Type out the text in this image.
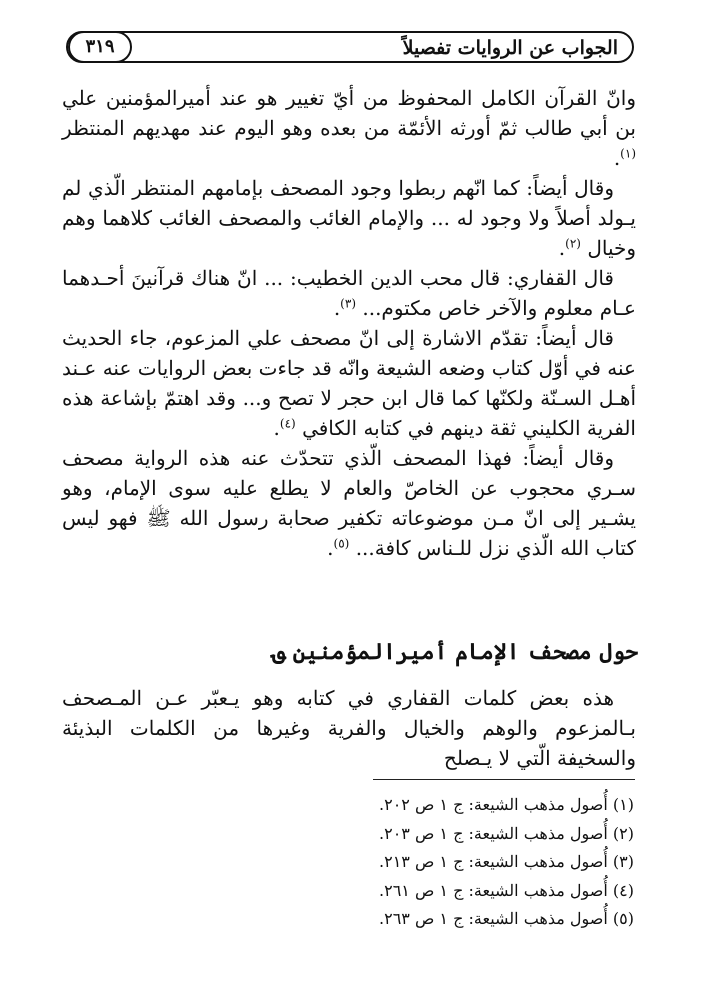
الجواب عن الروايات تفصيلاً
٣١٩

وانّ القرآن الكامل المحفوظ من أيّ تغيير هو عند أميرالمؤمنين علي بن أبي طالب ثمّ أورثه الأئمّة من بعده وهو اليوم عند مهديهم المنتظر $^{(١)}$.

وقال أيضاً: كما انّهم ربطوا وجود المصحف بإمامهم المنتظر الّذي لم يـولد أصلاً ولا وجود له ... والإمام الغائب والمصحف الغائب كلاهما وهم وخيال $^{(٢)}$.

قال القفاري: قال محب الدين الخطيب: ... انّ هناك قرآنينَ أحـدهما عـام معلوم والآخر خاص مكتوم... $^{(٣)}$.

قال أيضاً: تقدّم الاشارة إلى انّ مصحف علي المزعوم، جاء الحديث عنه في أوّل كتاب وضعه الشيعة وانّه قد جاءت بعض الروايات عنه عـند أهـل السـنّة ولكنّها كما قال ابن حجر لا تصح و... وقد اهتمّ بإشاعة هذه الفرية الكليني ثقة دينهم في كتابه الكافي $^{(٤)}$.

وقال أيضاً: فهذا المصحف الّذي تتحدّث عنه هذه الرواية مصحف سـري محجوب عن الخاصّ والعام لا يطلع عليه سوى الإمام، وهو يشـير إلى انّ مـن موضوعاته تكفير صحابة رسول الله ﷺ فهو ليس كتاب الله الّذي نزل للـناس كافة... $^{(٥)}$.

حول مصحف الإمام أميرالمؤمنين ؈

هذه بعض كلمات القفاري في كتابه وهو يـعبّر عـن المـصحف بـالمزعوم والوهم والخيال والفرية وغيرها من الكلمات البذيئة والسخيفة الّتي لا يـصلح

(١) أُصول مذهب الشيعة: ج ١ ص ٢٠٢.
(٢) أُصول مذهب الشيعة: ج ١ ص ٢٠٣.
(٣) أُصول مذهب الشيعة: ج ١ ص ٢١٣.
(٤) أُصول مذهب الشيعة: ج ١ ص ٢٦١.
(٥) أُصول مذهب الشيعة: ج ١ ص ٢٦٣.
